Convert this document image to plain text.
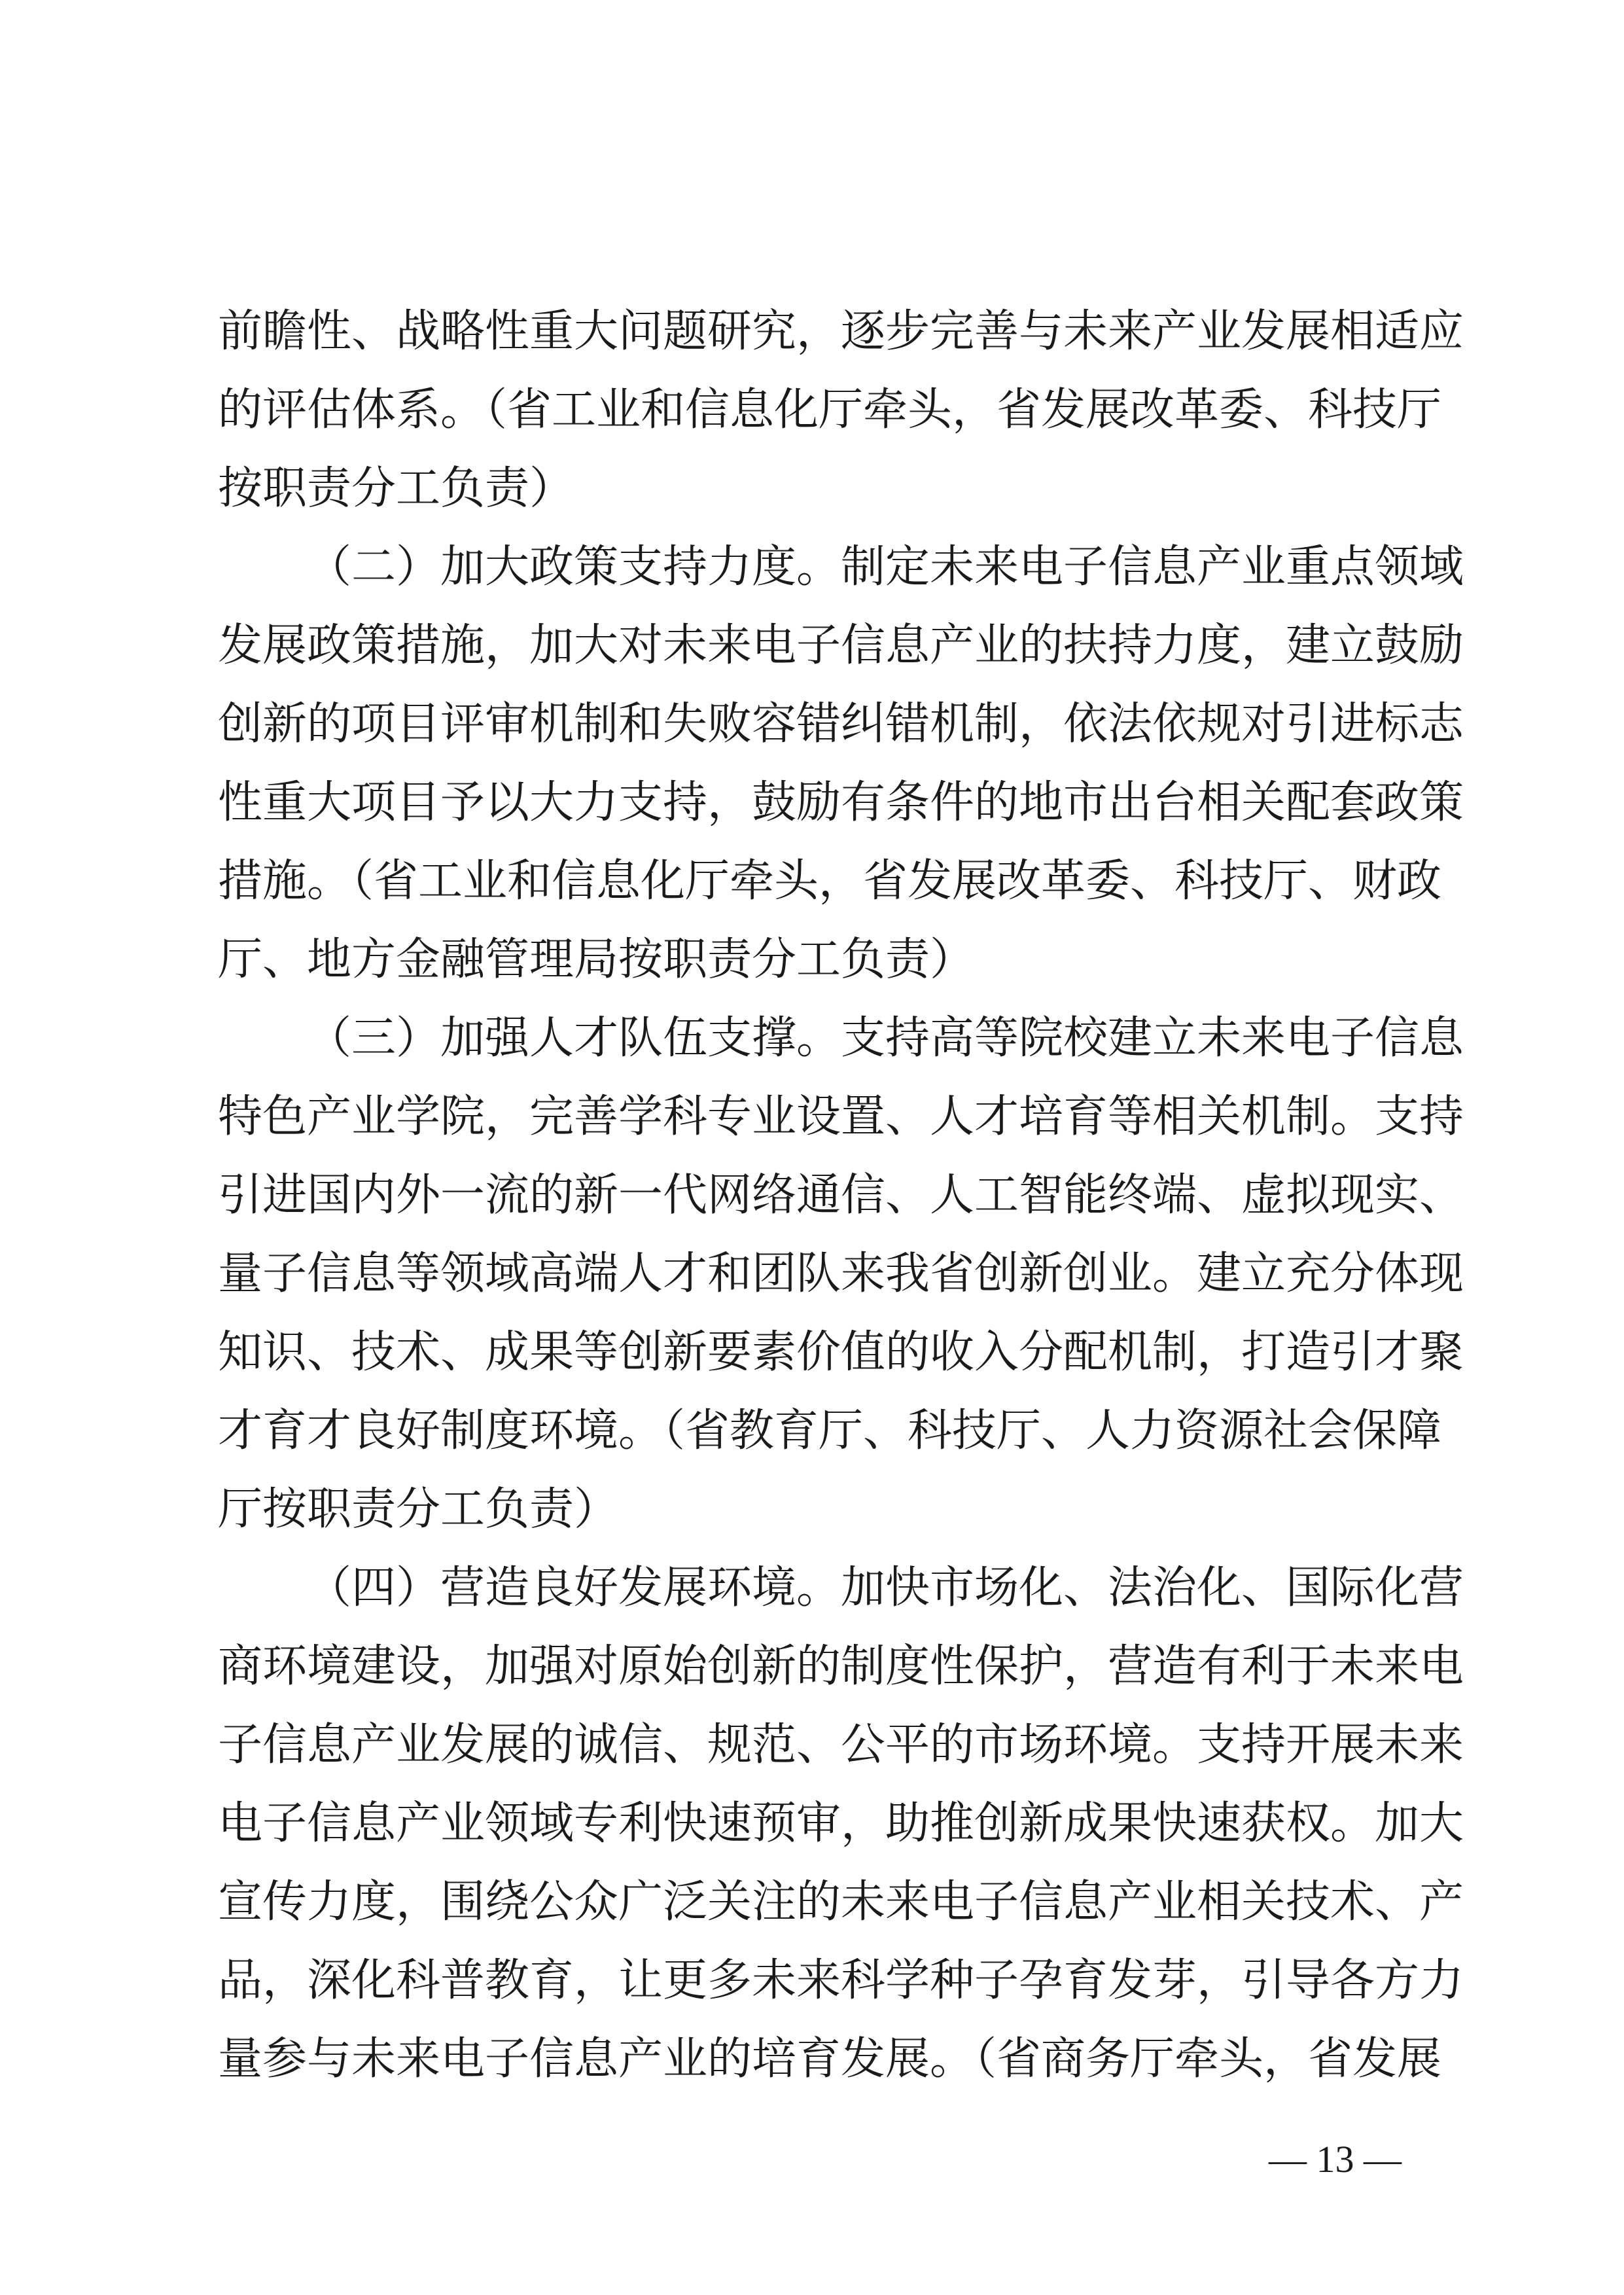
前瞻性、战略性重大问题研究，逐步完善与未来产业发展相适应
的评估体系。（省工业和信息化厅牵头，省发展改革委、科技厅
按职责分工负责）
（二）加大政策支持力度。制定未来电子信息产业重点领域
发展政策措施，加大对未来电子信息产业的扶持力度，建立鼓励
创新的项目评审机制和失败容错纠错机制，依法依规对引进标志
性重大项目予以大力支持，鼓励有条件的地市出台相关配套政策
措施。（省工业和信息化厅牵头，省发展改革委、科技厅、财政
厅、地方金融管理局按职责分工负责）
（三）加强人才队伍支撑。支持高等院校建立未来电子信息
特色产业学院，完善学科专业设置、人才培育等相关机制。支持
引进国内外一流的新一代网络通信、人工智能终端、虚拟现实、
量子信息等领域高端人才和团队来我省创新创业。建立充分体现
知识、技术、成果等创新要素价值的收入分配机制，打造引才聚
才育才良好制度环境。（省教育厅、科技厅、人力资源社会保障
厅按职责分工负责）
（四）营造良好发展环境。加快市场化、法治化、国际化营
商环境建设，加强对原始创新的制度性保护，营造有利于未来电
子信息产业发展的诚信、规范、公平的市场环境。支持开展未来
电子信息产业领域专利快速预审，助推创新成果快速获权。加大
宣传力度，围绕公众广泛关注的未来电子信息产业相关技术、产
品，深化科普教育，让更多未来科学种子孕育发芽，引导各方力
量参与未来电子信息产业的培育发展。（省商务厅牵头，省发展
— 13 —
